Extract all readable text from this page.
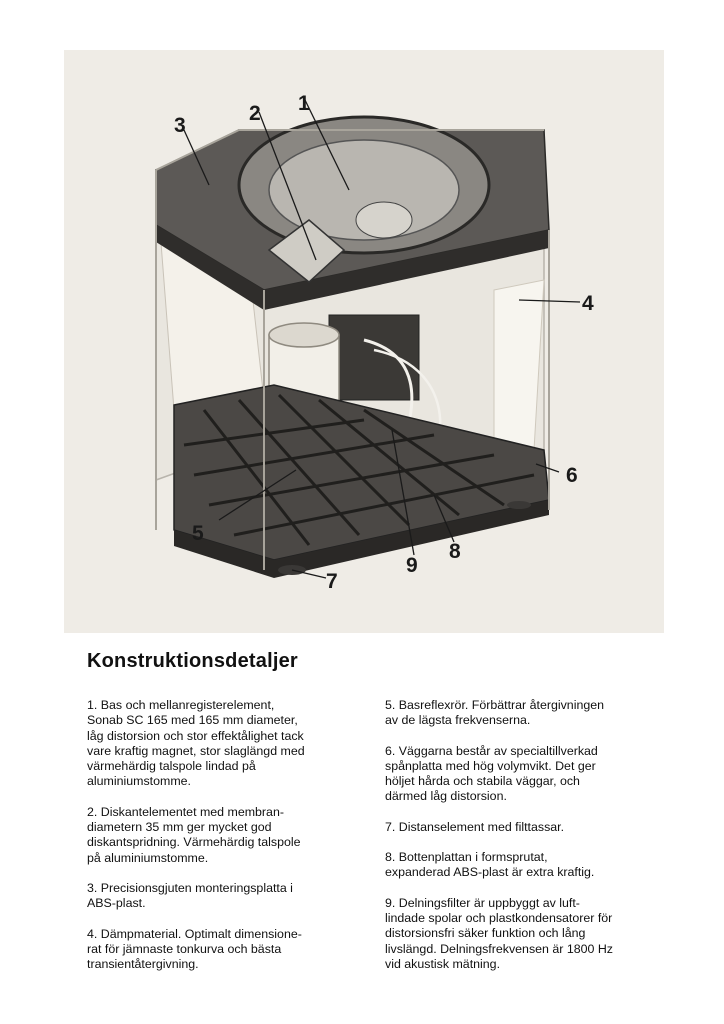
1
2
3
4
5
6
7
8
9
Konstruktionsdetaljer

1. Bas och mellanregisterelement,
Sonab SC 165 med 165 mm diameter,
låg distorsion och stor effektålighet tack
vare kraftig magnet, stor slaglängd med
värmehärdig talspole lindad på
aluminiumstomme.

2. Diskantelementet med membran-
diametern 35 mm ger mycket god
diskantspridning. Värmehärdig talspole
på aluminiumstomme.

3. Precisionsgjuten monteringsplatta i
ABS-plast.

4. Dämpmaterial. Optimalt dimensione-
rat för jämnaste tonkurva och bästa
transientåtergivning.

5. Basreflexrör. Förbättrar återgivningen
av de lägsta frekvenserna.

6. Väggarna består av specialtillverkad
spånplatta med hög volymvikt. Det ger
höljet hårda och stabila väggar, och
därmed låg distorsion.

7. Distanselement med filttassar.

8. Bottenplattan i formsprutat,
expanderad ABS-plast är extra kraftig.

9. Delningsfilter är uppbyggt av luft-
lindade spolar och plastkondensatorer för
distorsionsfri säker funktion och lång
livslängd. Delningsfrekvensen är 1800 Hz
vid akustisk mätning.
